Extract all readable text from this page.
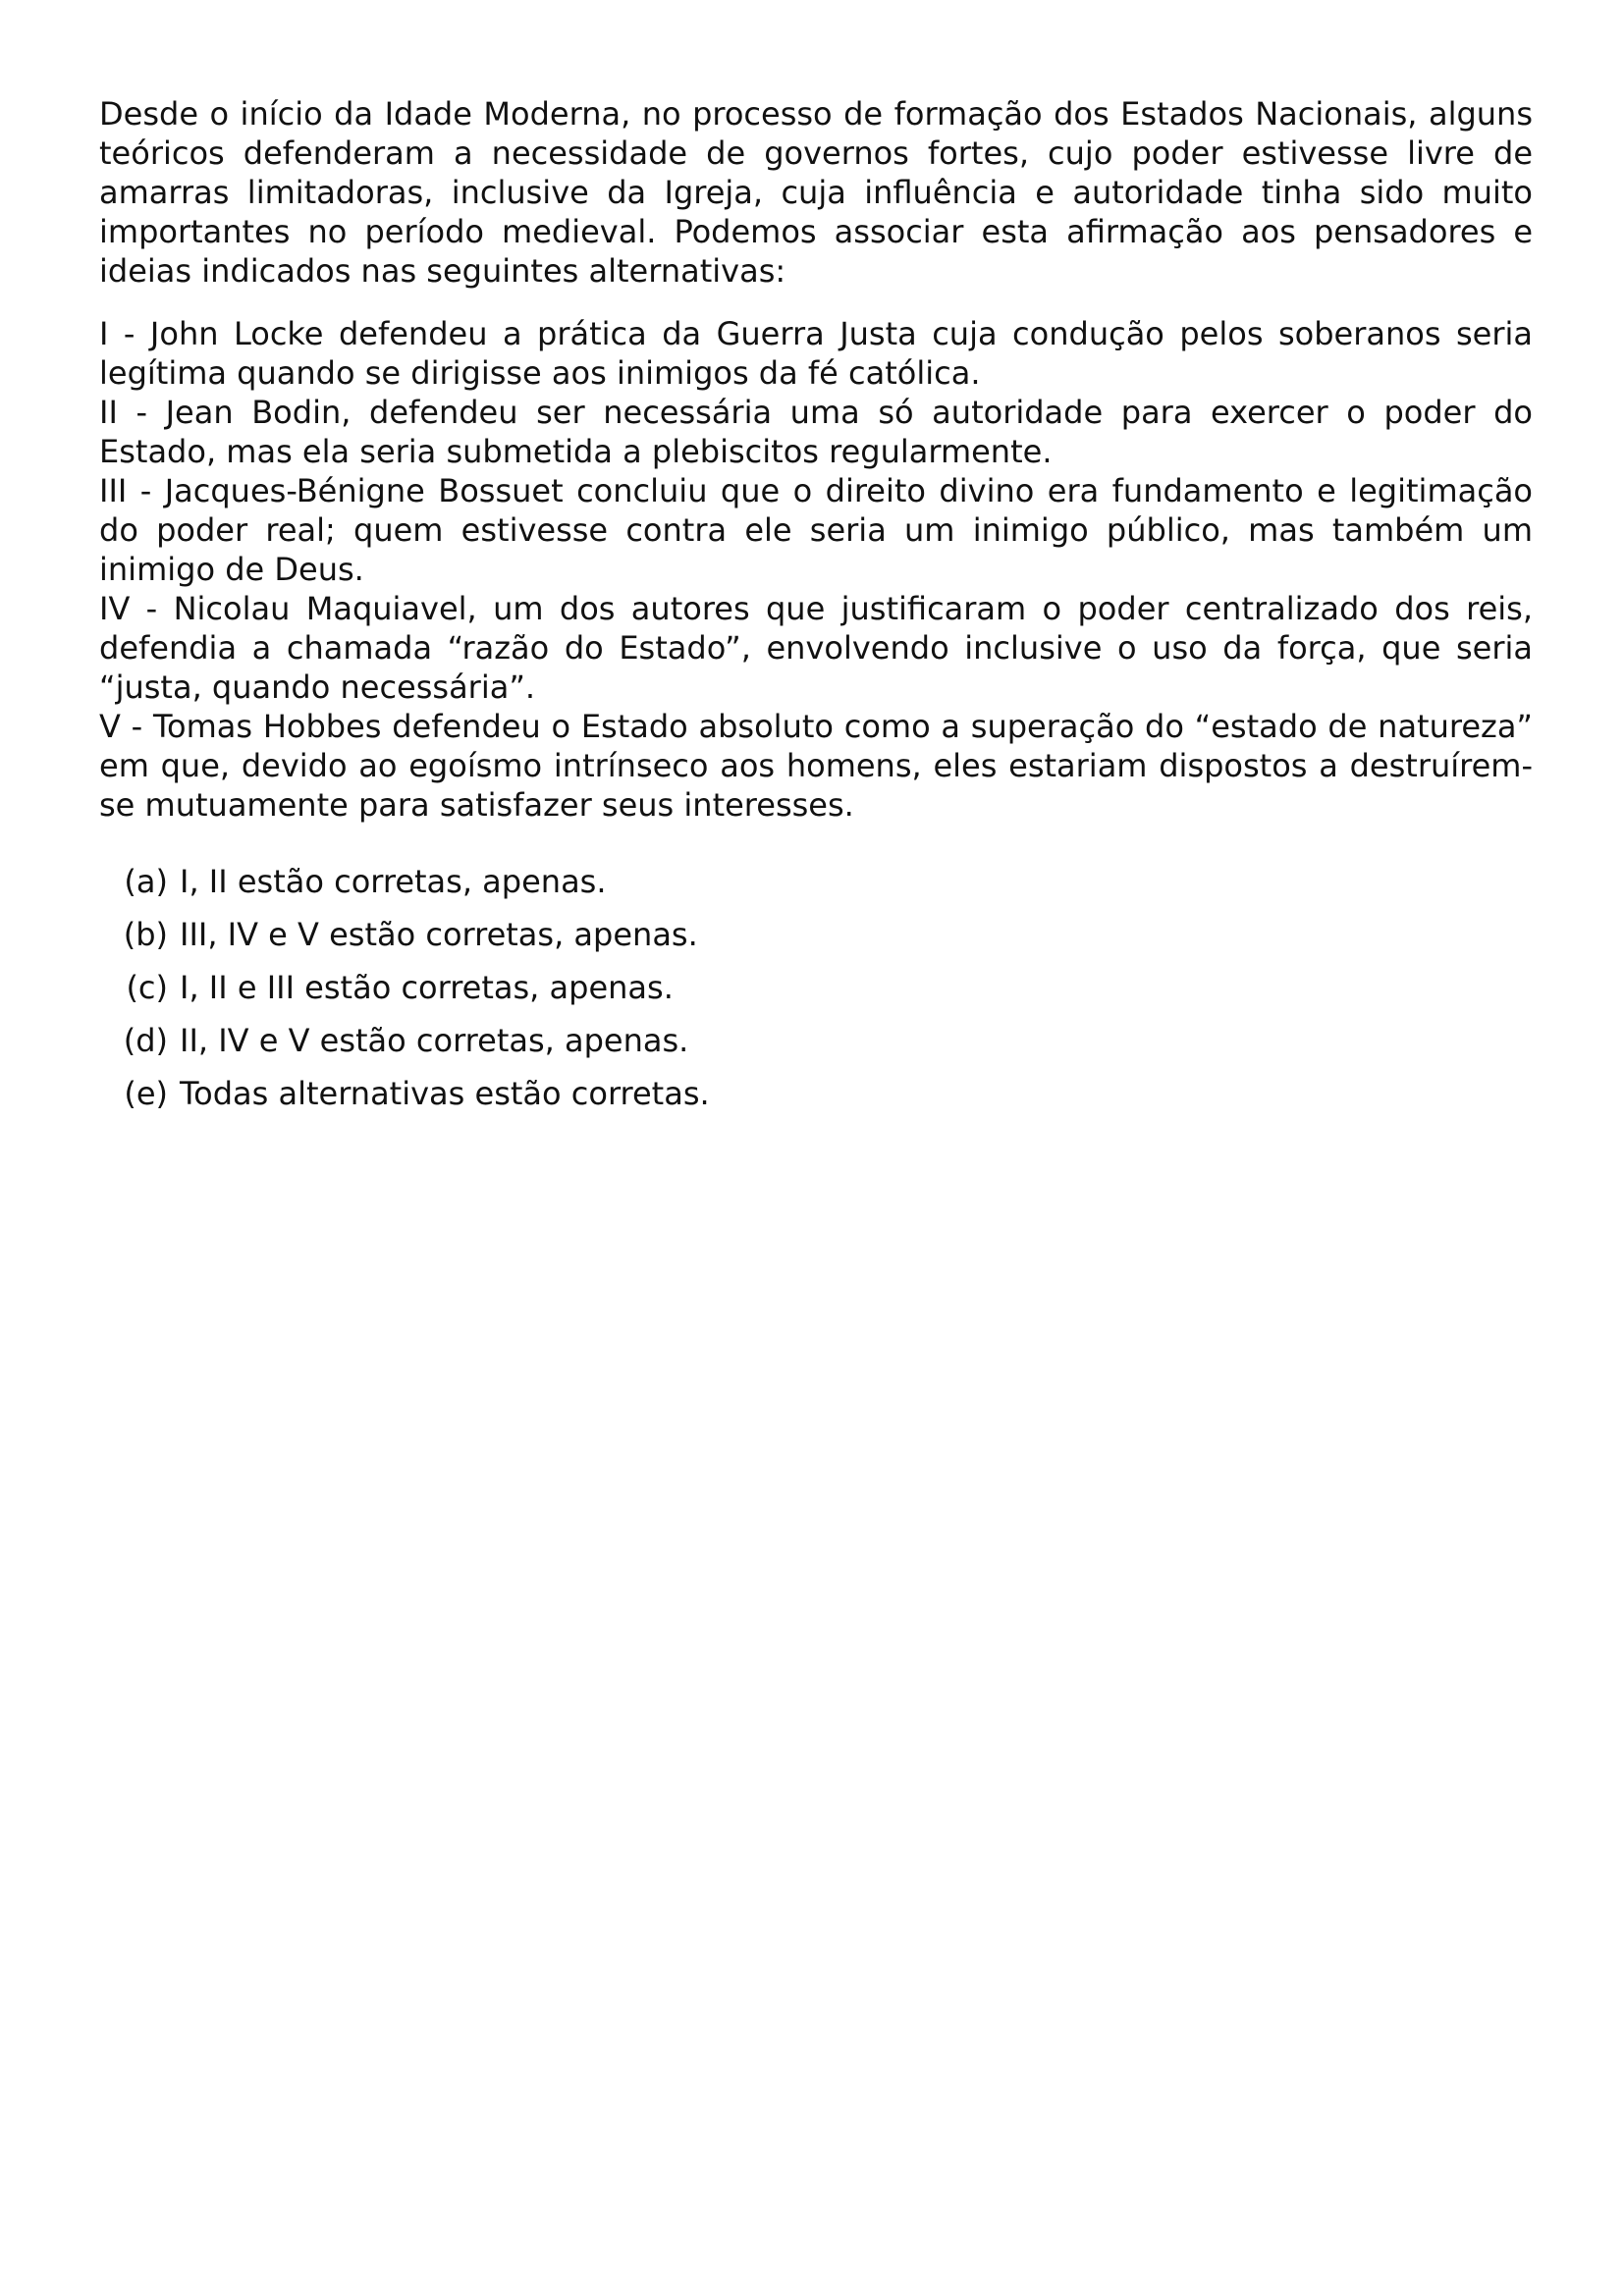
Desde o início da Idade Moderna, no processo de formação dos Estados Nacionais, alguns teóricos defenderam a necessidade de governos fortes, cujo poder estivesse livre de amarras limitadoras, inclusive da Igreja, cuja influência e autoridade tinha sido muito importantes no período medieval. Podemos associar esta afirmação aos pensadores e ideias indicados nas seguintes alternativas:

I - John Locke defendeu a prática da Guerra Justa cuja condução pelos soberanos seria legítima quando se dirigisse aos inimigos da fé católica.

II - Jean Bodin, defendeu ser necessária uma só autoridade para exercer o poder do Estado, mas ela seria submetida a plebiscitos regularmente.

III - Jacques-Bénigne Bossuet concluiu que o direito divino era fundamento e legitimação do poder real; quem estivesse contra ele seria um inimigo público, mas também um inimigo de Deus.

IV - Nicolau Maquiavel, um dos autores que justificaram o poder centralizado dos reis, defendia a chamada “razão do Estado”, envolvendo inclusive o uso da força, que seria “justa, quando necessária”.

V - Tomas Hobbes defendeu o Estado absoluto como a superação do “estado de natureza” em que, devido ao egoísmo intrínseco aos homens, eles estariam dispostos a destruírem-se mutuamente para satisfazer seus interesses.

(a) I, II estão corretas, apenas.
(b) III, IV e V estão corretas, apenas.
(c) I, II e III estão corretas, apenas.
(d) II, IV e V estão corretas, apenas.
(e) Todas alternativas estão corretas.
